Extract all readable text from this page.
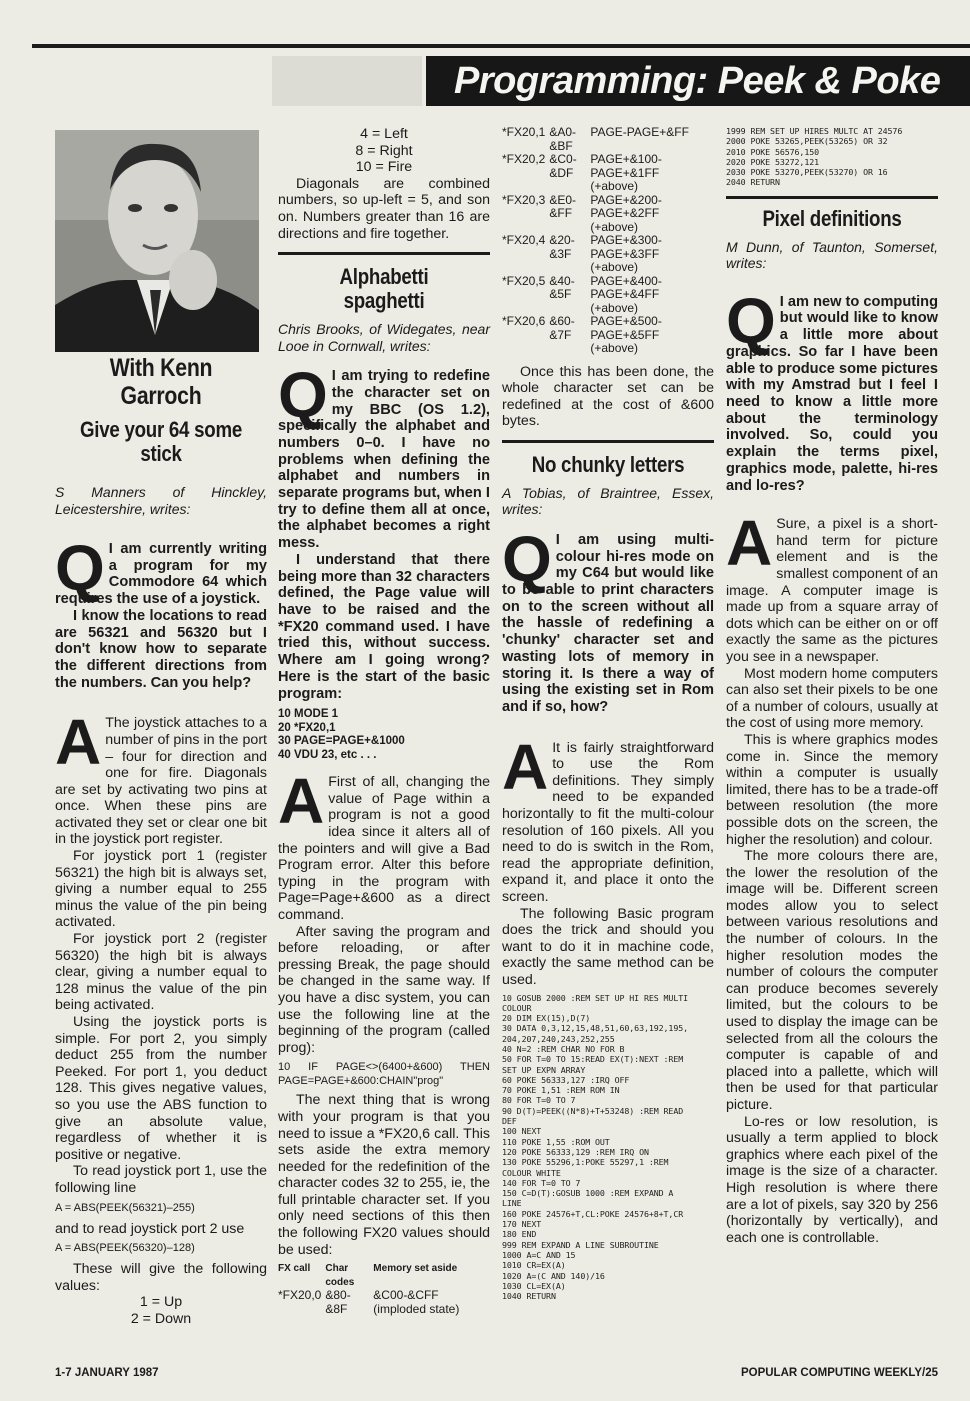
Programming: Peek & Poke
With Kenn Garroch
Give your 64 some stick

S Manners of Hinckley, Leicestershire, writes:

Q I am currently writing a program for my Commodore 64 which requires the use of a joystick.

I know the locations to read are 56321 and 56320 but I don't know how to separate the different directions from the numbers. Can you help?

A The joystick attaches to a number of pins in the port – four for direction and one for fire. Diagonals are set by activating two pins at once. When these pins are activated they set or clear one bit in the joystick port register.

For joystick port 1 (register 56321) the high bit is always set, giving a number equal to 255 minus the value of the pin being activated.

For joystick port 2 (register 56320) the high bit is always clear, giving a number equal to 128 minus the value of the pin being activated.

Using the joystick ports is simple. For port 2, you simply deduct 255 from the number Peeked. For port 1, you deduct 128. This gives negative values, so you use the ABS function to give an absolute value, regardless of whether it is positive or negative.

To read joystick port 1, use the following line

A = ABS(PEEK(56321)–255)

and to read joystick port 2 use

A = ABS(PEEK(56320)–128)

These will give the following values:

1 = Up

2 = Down

4 = Left

8 = Right

10 = Fire

Diagonals are combined numbers, so up-left = 5, and son on. Numbers greater than 16 are directions and fire together.

Alphabetti spaghetti

Chris Brooks, of Widegates, near Looe in Cornwall, writes:

Q I am trying to redefine the character set on my BBC (OS 1.2), specifically the alphabet and numbers 0–0. I have no problems when defining the alphabet and numbers in separate programs but, when I try to define them all at once, the alphabet becomes a right mess.

I understand that there being more than 32 characters defined, the Page value will have to be raised and the *FX20 command used. I have tried this, without success. Where am I going wrong? Here is the start of the basic program:

10 MODE 1

20 *FX20,1

30 PAGE=PAGE+&1000

40 VDU 23, etc . . .

A First of all, changing the value of Page within a program is not a good idea since it alters all of the pointers and will give a Bad Program error. Alter this before typing in the program with Page=Page+&600 as a direct command.

After saving the program and before reloading, or after pressing Break, the page should be changed in the same way. If you have a disc system, you can use the following line at the beginning of the program (called prog):

10 IF PAGE<>(6400+&600) THEN PAGE=PAGE+&600:CHAIN"prog"

The next thing that is wrong with your program is that you need to issue a *FX20,6 call. This sets aside the extra memory needed for the redefinition of the character codes 32 to 255, ie, the full printable character set. If you only need sections of this then the following FX20 values should be used:

FX call	Char codes	Memory set aside
*FX20,0	&80-&8F	&C00-&CFF (imploded state)
*FX20,1	&A0-&BF	PAGE-PAGE+&FF
*FX20,2	&C0-&DF	PAGE+&100-PAGE+&1FF (+above)
*FX20,3	&E0-&FF	PAGE+&200-PAGE+&2FF (+above)
*FX20,4	&20-&3F	PAGE+&300-PAGE+&3FF (+above)
*FX20,5	&40-&5F	PAGE+&400-PAGE+&4FF (+above)
*FX20,6	&60-&7F	PAGE+&500-PAGE+&5FF (+above)

Once this has been done, the whole character set can be redefined at the cost of &600 bytes.

No chunky letters

A Tobias, of Braintree, Essex, writes:

Q I am using multi-colour hi-res mode on my C64 but would like to be able to print characters on to the screen without all the hassle of redefining a 'chunky' character set and wasting lots of memory in storing it. Is there a way of using the existing set in Rom and if so, how?

A It is fairly straightforward to use the Rom definitions. They simply need to be expanded horizontally to fit the multi-colour resolution of 160 pixels. All you need to do is switch in the Rom, read the appropriate definition, expand it, and place it onto the screen.

The following Basic program does the trick and should you want to do it in machine code, exactly the same method can be used.

10 GOSUB 2000 :REM SET UP HI RES MULTI
COLOUR
20 DIM EX(15),D(7)
30 DATA 0,3,12,15,48,51,60,63,192,195,
204,207,240,243,252,255
40 N=2 :REM CHAR NO FOR B
50 FOR T=0 TO 15:READ EX(T):NEXT :REM
SET UP EXPN ARRAY
60 POKE 56333,127 :IRQ OFF
70 POKE 1,51 :REM ROM IN
80 FOR T=0 TO 7
90 D(T)=PEEK((N*8)+T+53248) :REM READ
DEF
100 NEXT
110 POKE 1,55 :ROM OUT
120 POKE 56333,129 :REM IRQ ON
130 POKE 55296,1:POKE 55297,1 :REM
COLOUR WHITE
140 FOR T=0 TO 7
150 C=D(T):GOSUB 1000 :REM EXPAND A
LINE
160 POKE 24576+T,CL:POKE 24576+8+T,CR
170 NEXT
180 END
999 REM EXPAND A LINE SUBROUTINE
1000 A=C AND 15
1010 CR=EX(A)
1020 A=(C AND 140)/16
1030 CL=EX(A)
1040 RETURN
1999 REM SET UP HIRES MULTC AT 24576
2000 POKE 53265,PEEK(53265) OR 32
2010 POKE 56576,150
2020 POKE 53272,121
2030 POKE 53270,PEEK(53270) OR 16
2040 RETURN
Pixel definitions

M Dunn, of Taunton, Somerset, writes:

Q I am new to computing but would like to know a little more about graphics. So far I have been able to produce some pictures with my Amstrad but I feel I need to know a little more about the terminology involved. So, could you explain the terms pixel, graphics mode, palette, hi-res and lo-res?

A Sure, a pixel is a short-hand term for picture element and is the smallest component of an image. A computer image is made up from a square array of dots which can be either on or off exactly the same as the pictures you see in a newspaper.

Most modern home computers can also set their pixels to be one of a number of colours, usually at the cost of using more memory.

This is where graphics modes come in. Since the memory within a computer is usually limited, there has to be a trade-off between resolution (the more possible dots on the screen, the higher the resolution) and colour.

The more colours there are, the lower the resolution of the image will be. Different screen modes allow you to select between various resolutions and the number of colours. In the higher resolution modes the number of colours the computer can produce becomes severely limited, but the colours to be used to display the image can be selected from all the colours the computer is capable of and placed into a pallette, which will then be used for that particular picture.

Lo-res or low resolution, is usually a term applied to block graphics where each pixel of the image is the size of a character. High resolution is where there are a lot of pixels, say 320 by 256 (horizontally by vertically), and each one is controllable.

1-7 JANUARY 1987	POPULAR COMPUTING WEEKLY/25
